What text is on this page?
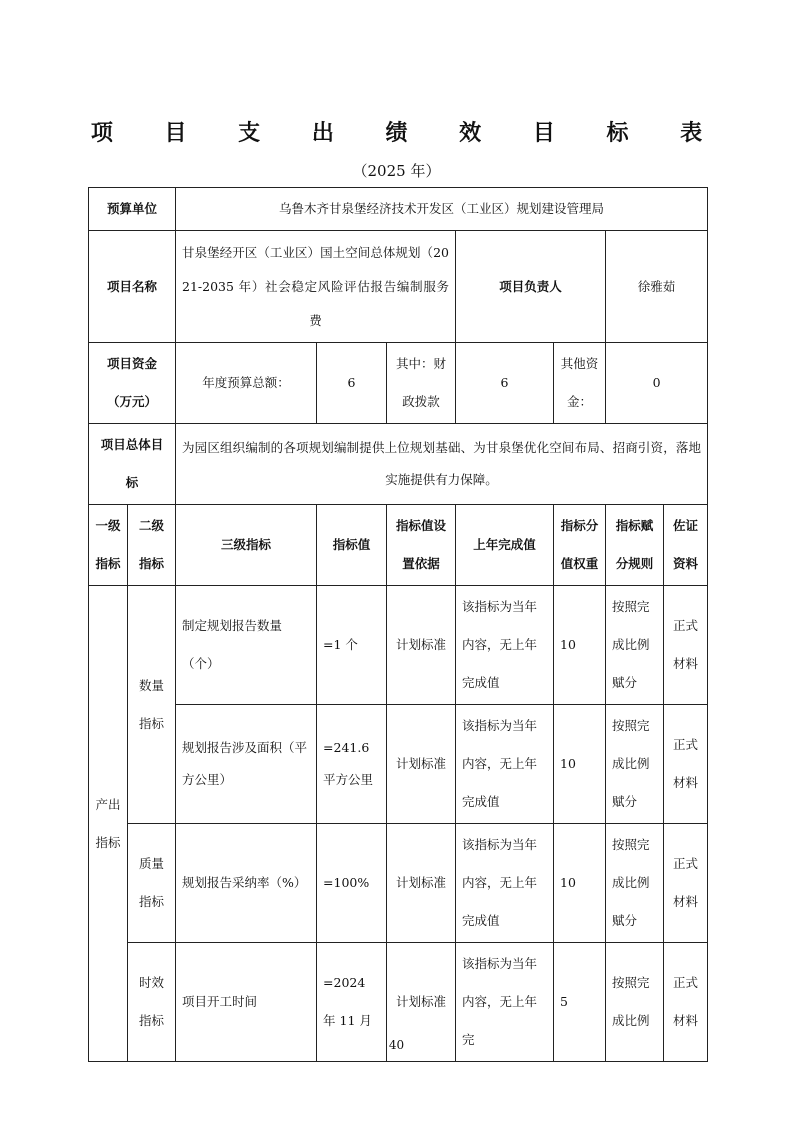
项 目 支 出 绩 效 目 标 表
（2025 年）
预算单位		乌鲁木齐甘泉堡经济技术开发区（工业区）规划建设管理局						
项目名称		甘泉堡经开区（工业区）国土空间总体规划（2021-2035 年）社会稳定风险评估报告编制服务费			项目负责人		徐雅茹	
项目资金（万元）		年度预算总额：	6	其中：财政拨款	6	其他资金：	0	
项目总体目标		为园区组织编制的各项规划编制提供上位规划基础、为甘泉堡优化空间布局、招商引资，落地实施提供有力保障。						
一级指标	二级指标	三级指标	指标值	指标值设置依据	上年完成值	指标分值权重	指标赋分规则	佐证资料
产出指标	数量指标	制定规划报告数量（个）	=1 个	计划标准	该指标为当年内容，无上年完成值	10	按照完成比例赋分	正式材料
		规划报告涉及面积（平方公里）	=241.6 平方公里	计划标准	该指标为当年内容，无上年完成值	10	按照完成比例赋分	正式材料
	质量指标	规划报告采纳率（%）	=100%	计划标准	该指标为当年内容，无上年完成值	10	按照完成比例赋分	正式材料
	时效指标	项目开工时间	=2024 年 11 月	计划标准	该指标为当年内容，无上年完	5	按照完成比例	正式材料
40
